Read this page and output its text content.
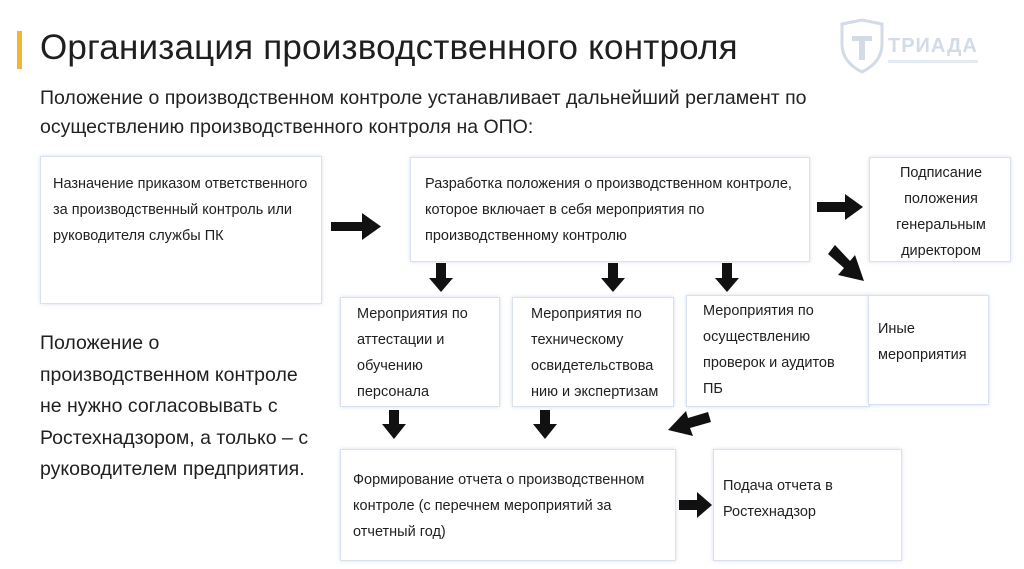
Организация производственного контроля

Положение о производственном контроле устанавливает дальнейший регламент по осуществлению производственного контроля на ОПО:

ТРИАДА
Назначение приказом ответственного за производственный контроль или руководителя службы ПК
Разработка положения о производственном контроле, которое включает в себя мероприятия по производственному контролю
Подписание положения генеральным директором
Мероприятия по аттестации и обучению персонала
Мероприятия по техническому освидетельствова нию и экспертизам
Мероприятия по осуществлению проверок и аудитов ПБ
Иные мероприятия
Формирование отчета о производственном контроле (с перечнем мероприятий за отчетный год)
Подача отчета в Ростехнадзор

Положение о производственном контроле не нужно согласовывать с Ростехнадзором, а только – с руководителем предприятия.
